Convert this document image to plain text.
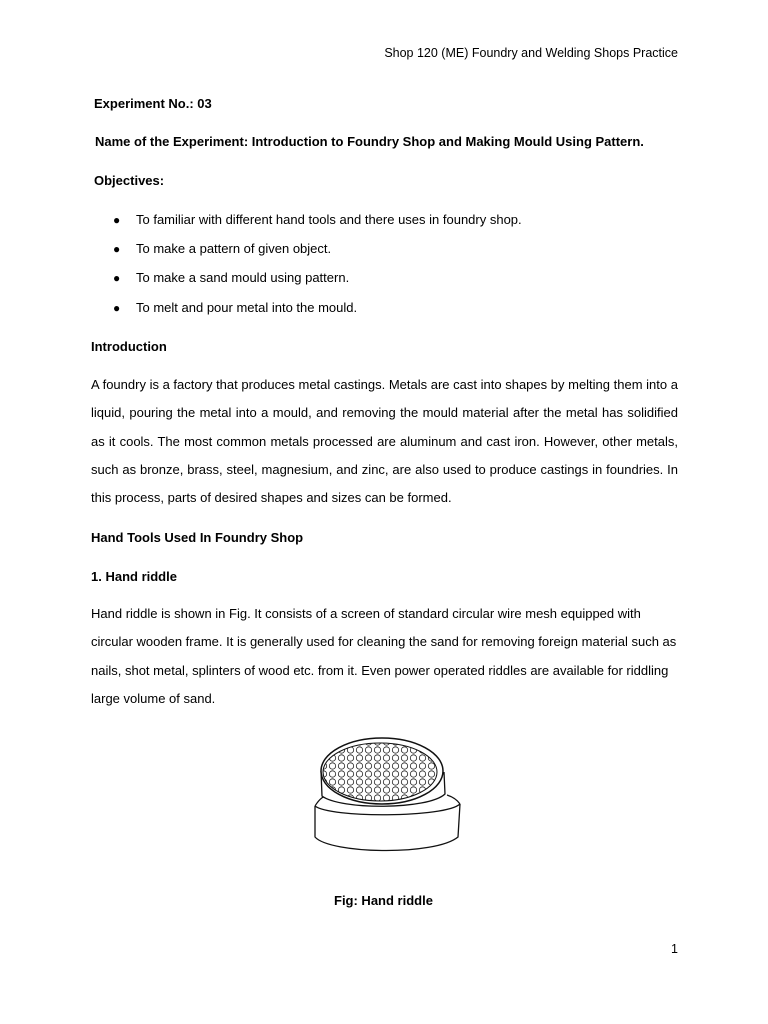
Shop 120 (ME) Foundry and Welding Shops Practice
Experiment No.: 03
Name of the Experiment: Introduction to Foundry Shop and Making Mould Using Pattern.
Objectives:
● To familiar with different hand tools and there uses in foundry shop.
● To make a pattern of given object.
● To make a sand mould using pattern.
● To melt and pour metal into the mould.
Introduction
A foundry is a factory that produces metal castings. Metals are cast into shapes by melting them into a liquid, pouring the metal into a mould, and removing the mould material after the metal has solidified as it cools. The most common metals processed are aluminum and cast iron. However, other metals, such as bronze, brass, steel, magnesium, and zinc, are also used to produce castings in foundries. In this process, parts of desired shapes and sizes can be formed.
Hand Tools Used In Foundry Shop
1. Hand riddle
Hand riddle is shown in Fig. It consists of a screen of standard circular wire mesh equipped with circular wooden frame. It is generally used for cleaning the sand for removing foreign material such as nails, shot metal, splinters of wood etc. from it. Even power operated riddles are available for riddling large volume of sand.
Fig: Hand riddle
1
